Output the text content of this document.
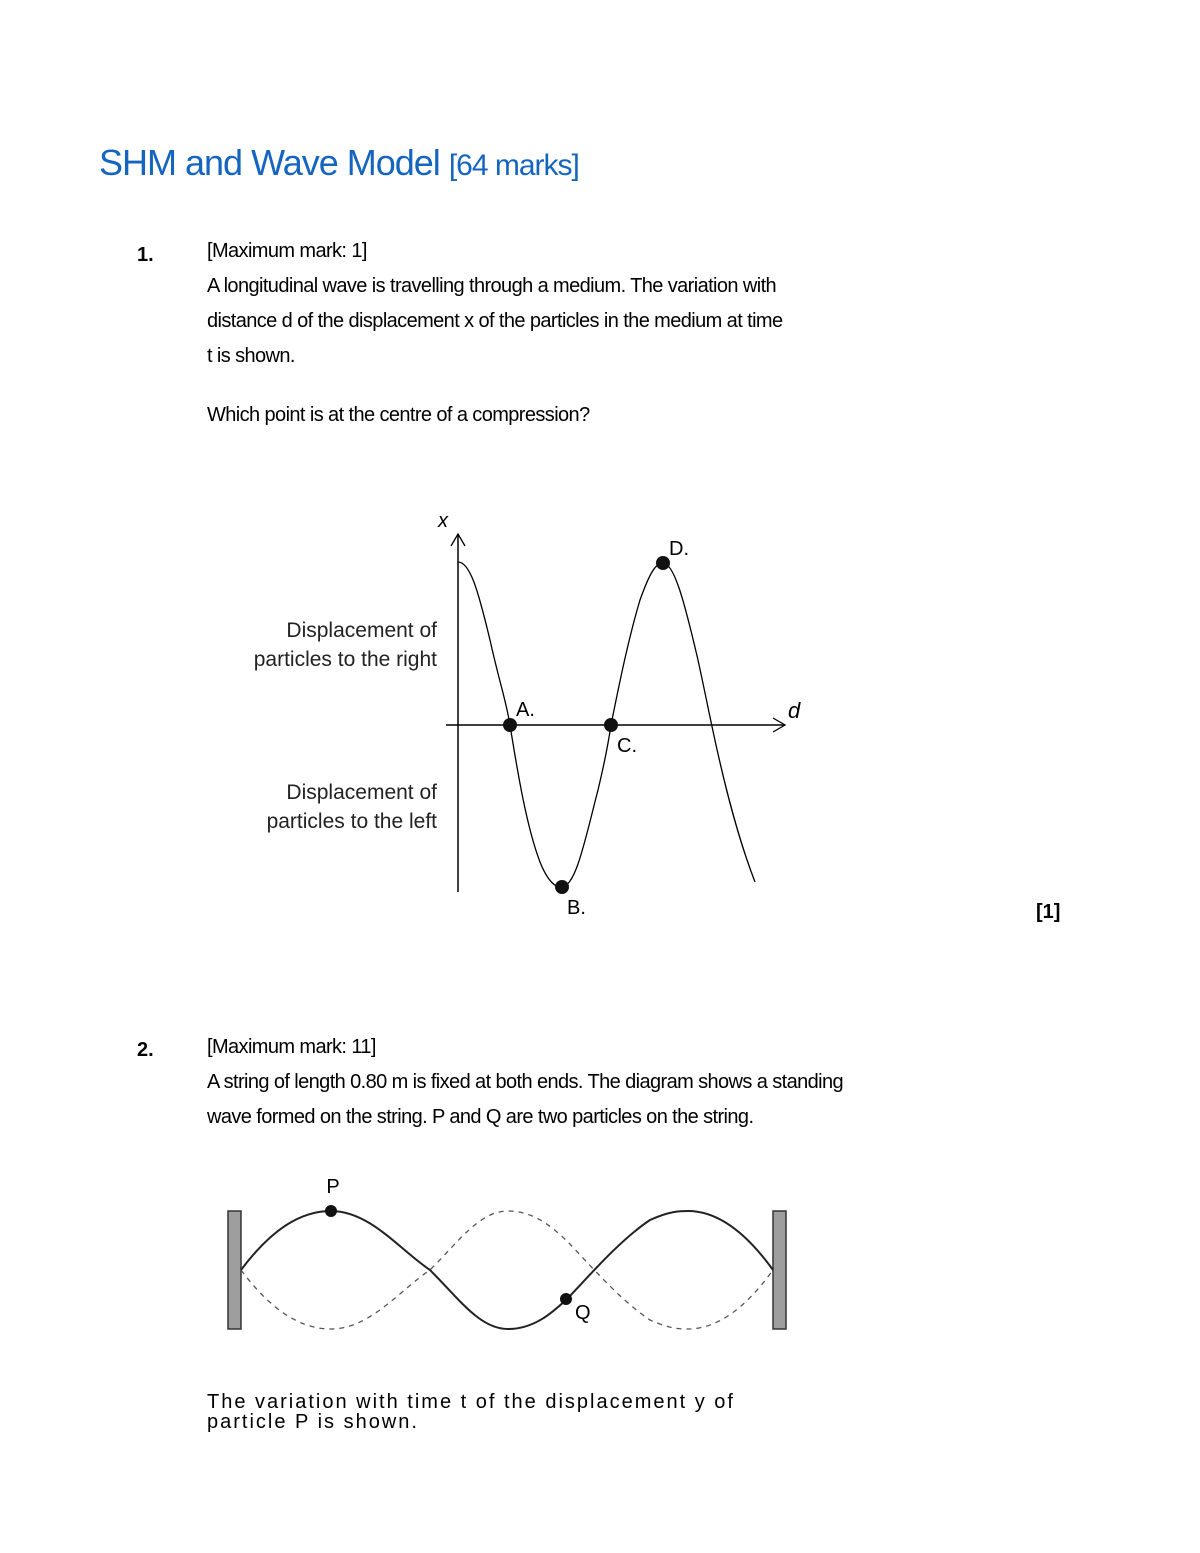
SHM and Wave Model [64 marks]
1.	[Maximum mark: 1]

A longitudinal wave is travelling through a medium. The variation with

distance d of the displacement x of the particles in the medium at time

t is shown.

Which point is at the centre of a compression?

x
d
A.
B.
C.
D.
Displacement of
particles to the right
Displacement of
particles to the left
[1]
2.	[Maximum mark: 11]

A string of length 0.80 m is fixed at both ends. The diagram shows a standing

wave formed on the string. P and Q are two particles on the string.

P
Q
The variation with time t of the displacement y of particle P is shown.
